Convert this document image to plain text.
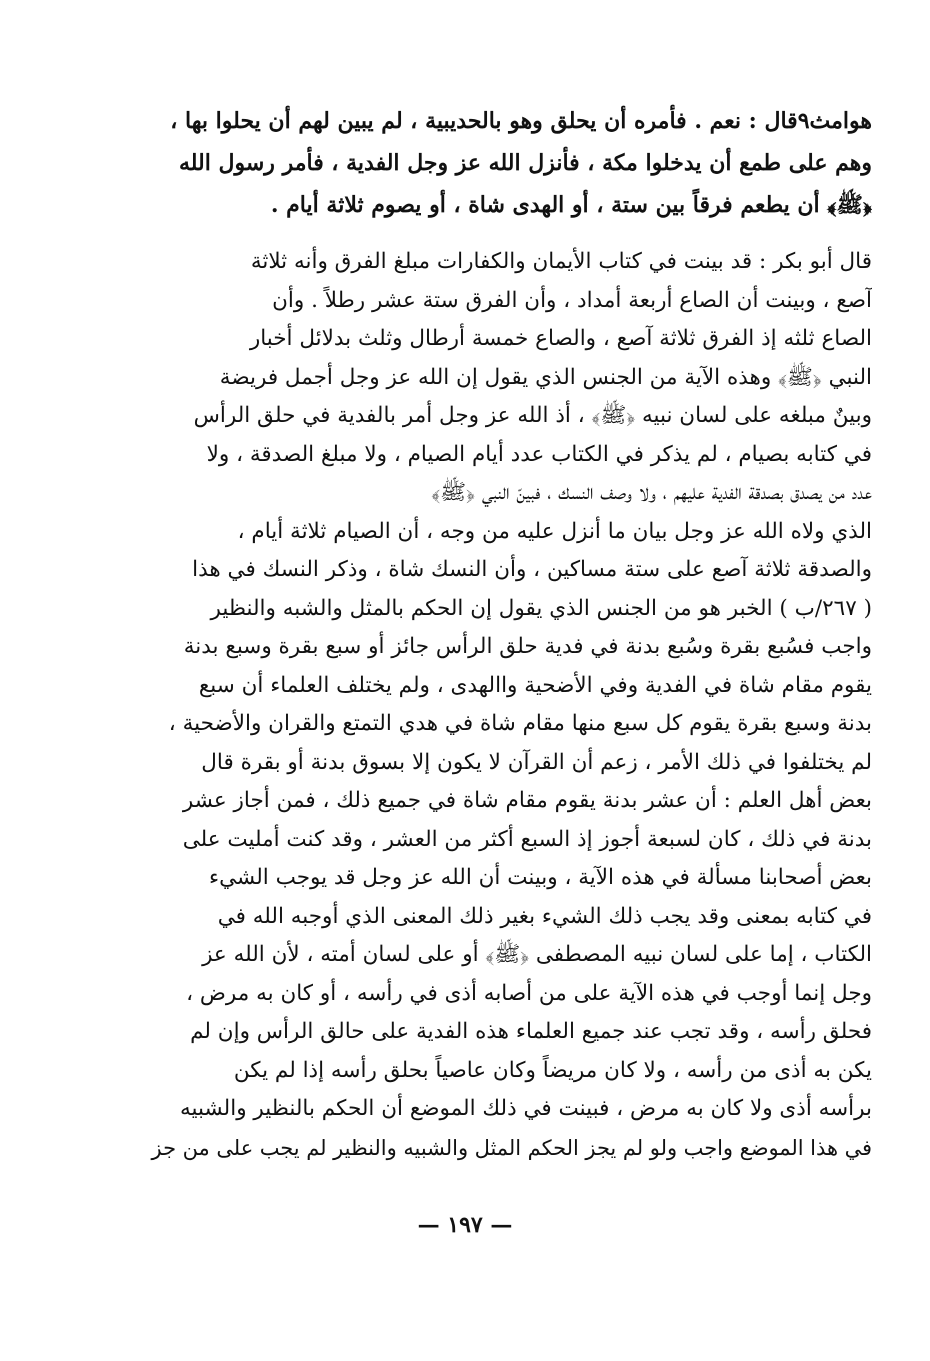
هوامث٩قال : نعم . فأمره أن يحلق وهو بالحديبية ، لم يبين لهم أن يحلوا بها ،
وهم على طمع أن يدخلوا مكة ، فأنزل الله عز وجل الفدية ، فأمر رسول الله
﴿ﷺ﴾ أن يطعم فرقاً بين ستة ، أو الهدى شاة ، أو يصوم ثلاثة أيام .

قال أبو بكر : قد بينت في كتاب الأيمان والكفارات مبلغ الفرق وأنه ثلاثة
آصع ، وبينت أن الصاع أربعة أمداد ، وأن الفرق ستة عشر رطلاً . وأن
الصاع ثلثه إذ الفرق ثلاثة آصع ، والصاع خمسة أرطال وثلث بدلائل أخبار
النبي ﴿ﷺ﴾ وهذه الآية من الجنس الذي يقول إن الله عز وجل أجمل فريضة
وبينٌ مبلغه على لسان نبيه ﴿ﷺ﴾ ، أذ الله عز وجل أمر بالفدية في حلق الرأس
في كتابه بصيام ، لم يذكر في الكتاب عدد أيام الصيام ، ولا مبلغ الصدقة ، ولا
عدد من يصدق بصدقة الفدية عليهم ، ولا وصف النسك ، فبينّ النبي ﴿ﷺ﴾
الذي ولاه الله عز وجل بيان ما أنزل عليه من وجه ، أن الصيام ثلاثة أيام ،
والصدقة ثلاثة آصع على ستة مساكين ، وأن النسك شاة ، وذكر النسك في هذا
( ٢٦٧/ب ) الخبر هو من الجنس الذي يقول إن الحكم بالمثل والشبه والنظير
واجب فسُبع بقرة وسُبع بدنة في فدية حلق الرأس جائز أو سبع بقرة وسبع بدنة
يقوم مقام شاة في الفدية وفي الأضحية واالهدى ، ولم يختلف العلماء أن سبع
بدنة وسبع بقرة يقوم كل سبع منها مقام شاة في هدي التمتع والقران والأضحية ،
لم يختلفوا في ذلك الأمر ، زعم أن القرآن لا يكون إلا بسوق بدنة أو بقرة قال
بعض أهل العلم : أن عشر بدنة يقوم مقام شاة في جميع ذلك ، فمن أجاز عشر
بدنة في ذلك ، كان لسبعة أجوز إذ السبع أكثر من العشر ، وقد كنت أمليت على
بعض أصحابنا مسألة في هذه الآية ، وبينت أن الله عز وجل قد يوجب الشيء
في كتابه بمعنى وقد يجب ذلك الشيء بغير ذلك المعنى الذي أوجبه الله في
الكتاب ، إما على لسان نبيه المصطفى ﴿ﷺ﴾ أو على لسان أمته ، لأن الله عز
وجل إنما أوجب في هذه الآية على من أصابه أذى في رأسه ، أو كان به مرض ،
فحلق رأسه ، وقد تجب عند جميع العلماء هذه الفدية على حالق الرأس وإن لم
يكن به أذى من رأسه ، ولا كان مريضاً وكان عاصياً بحلق رأسه إذا لم يكن
برأسه أذى ولا كان به مرض ، فبينت في ذلك الموضع أن الحكم بالنظير والشبيه
في هذا الموضع واجب ولو لم يجز الحكم المثل والشبيه والنظير لم يجب على من جز

— ١٩٧ —
